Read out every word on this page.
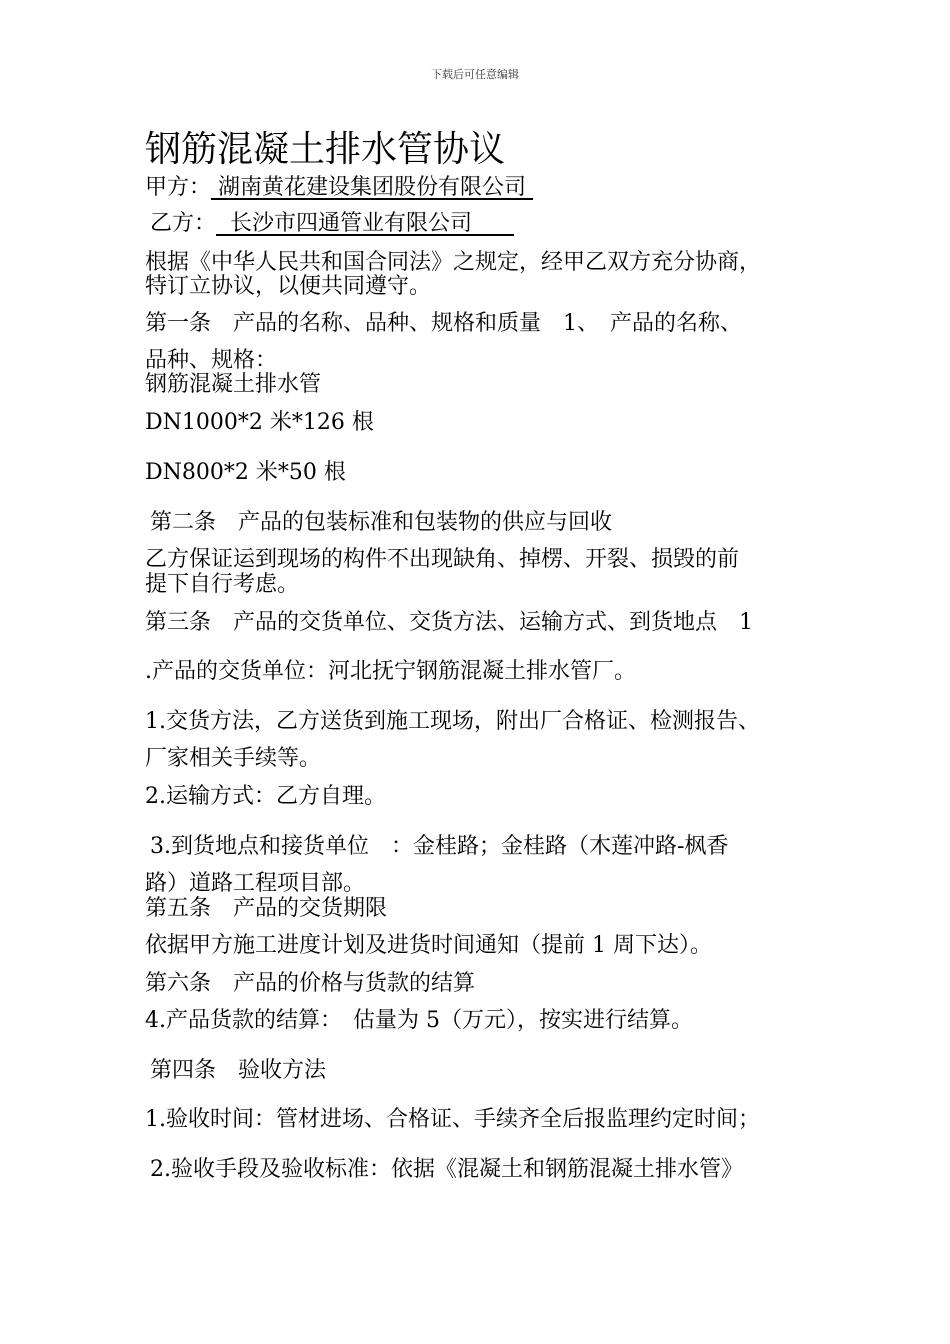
下载后可任意编辑
钢筋混凝土排水管协议
甲方： 湖南黄花建设集团股份有限公司
乙方： 长沙市四通管业有限公司
根据《中华人民共和国合同法》之规定，经甲乙双方充分协商，
特订立协议，以便共同遵守。
第一条　产品的名称、品种、规格和质量　1、　产品的名称、
品种、规格：
钢筋混凝土排水管
DN1000*2 米*126 根
DN800*2 米*50 根
第二条　产品的包装标准和包装物的供应与回收
乙方保证运到现场的构件不出现缺角、掉楞、开裂、损毁的前
提下自行考虑。
第三条　产品的交货单位、交货方法、运输方式、到货地点　1
.产品的交货单位：河北抚宁钢筋混凝土排水管厂。
1.交货方法，乙方送货到施工现场，附出厂合格证、检测报告、
厂家相关手续等。
2.运输方式：乙方自理。
3.到货地点和接货单位　：金桂路；金桂路（木莲冲路-枫香
路）道路工程项目部。
第五条　产品的交货期限
依据甲方施工进度计划及进货时间通知（提前 1 周下达）。
第六条　产品的价格与货款的结算
4.产品货款的结算：　估量为 5（万元），按实进行结算。
第四条　验收方法
1.验收时间：管材进场、合格证、手续齐全后报监理约定时间；
2.验收手段及验收标准：依据《混凝土和钢筋混凝土排水管》
